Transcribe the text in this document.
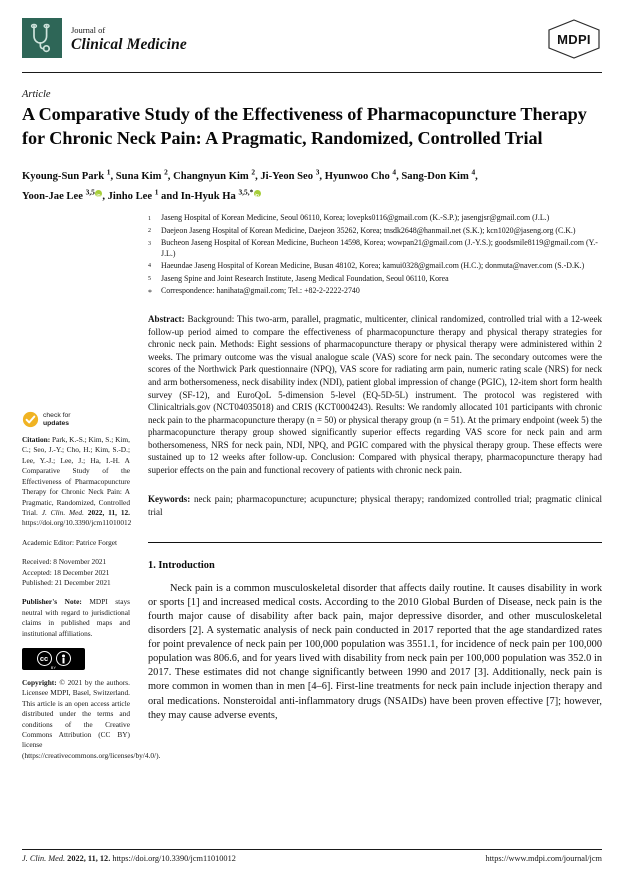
Journal of
Clinical Medicine	MDPI
Article
A Comparative Study of the Effectiveness of Pharmacopuncture Therapy for Chronic Neck Pain: A Pragmatic, Randomized, Controlled Trial
Kyoung-Sun Park $^1$, Suna Kim $^2$, Changnyun Kim $^2$, Ji-Yeon Seo $^3$, Hyunwoo Cho $^4$, Sang-Don Kim $^4$,
Yoon-Jae Lee $^{3,5}$ iD , Jinho Lee $^1$ and In-Hyuk Ha $^{3,5,*}$iD
check for
updates

Citation: Park, K.-S.; Kim, S.; Kim, C.; Seo, J.-Y.; Cho, H.; Kim, S.-D.; Lee, Y.-J.; Lee, J.; Ha, I.-H. A Comparative Study of the Effectiveness of Pharmacopuncture Therapy for Chronic Neck Pain: A Pragmatic, Randomized, Controlled Trial. J. Clin. Med. 2022, 11, 12. https://doi.org/10.3390/jcm11010012

Academic Editor: Patrice Forget

Received: 8 November 2021

Accepted: 18 December 2021

Published: 21 December 2021

Publisher's Note: MDPI stays neutral with regard to jurisdictional claims in published maps and institutional affiliations.

cc
BY

Copyright: © 2021 by the authors. Licensee MDPI, Basel, Switzerland. This article is an open access article distributed under the terms and conditions of the Creative Commons Attribution (CC BY) license (https://creativecommons.org/licenses/by/4.0/).

1	Jaseng Hospital of Korean Medicine, Seoul 06110, Korea; lovepks0116@gmail.com (K.-S.P.); jasengjsr@gmail.com (J.L.)
2	Daejeon Jaseng Hospital of Korean Medicine, Daejeon 35262, Korea; tnsdk2648@hanmail.net (S.K.); kcn1020@jaseng.org (C.K.)
3	Bucheon Jaseng Hospital of Korean Medicine, Bucheon 14598, Korea; wowpan21@gmail.com (J.-Y.S.); goodsmile8119@gmail.com (Y.-J.L.)
4	Haeundae Jaseng Hospital of Korean Medicine, Busan 48102, Korea; kamui0328@gmail.com (H.C.); donmuta@naver.com (S.-D.K.)
5	Jaseng Spine and Joint Research Institute, Jaseng Medical Foundation, Seoul 06110, Korea
*	Correspondence: hanihata@gmail.com; Tel.: +82-2-2222-2740

Abstract: Background: This two-arm, parallel, pragmatic, multicenter, clinical randomized, controlled trial with a 12-week follow-up period aimed to compare the effectiveness of pharmacopuncture therapy and physical therapy strategies for chronic neck pain. Methods: Eight sessions of pharmacopuncture therapy or physical therapy were administered within 2 weeks. The primary outcome was the visual analogue scale (VAS) score for neck pain. The secondary outcomes were the scores of the Northwick Park questionnaire (NPQ), VAS score for radiating arm pain, numeric rating scale (NRS) for neck and arm bothersomeness, neck disability index (NDI), patient global impression of change (PGIC), 12-item short form health survey (SF-12), and EuroQoL 5-dimension 5-level (EQ-5D-5L) instrument. The protocol was registered with Clinicaltrials.gov (NCT04035018) and CRIS (KCT0004243). Results: We randomly allocated 101 participants with chronic neck pain to the pharmacopuncture therapy (n = 50) or physical therapy group (n = 51). At the primary endpoint (week 5) the pharmacopuncture therapy group showed significantly superior effects regarding VAS score for neck pain and arm bothersomeness, NRS for neck pain, NDI, NPQ, and PGIC compared with the physical therapy group. These effects were sustained up to 12 weeks after follow-up. Conclusion: Compared with physical therapy, pharmacopuncture therapy had superior effects on the pain and functional recovery of patients with chronic neck pain.

Keywords: neck pain; pharmacopuncture; acupuncture; physical therapy; randomized controlled trial; pragmatic clinical trial

1. Introduction

Neck pain is a common musculoskeletal disorder that affects daily routine. It causes disability in work or sports [1] and increased medical costs. According to the 2010 Global Burden of Disease, neck pain is the fourth major cause of disability after back pain, major depressive disorder, and other musculoskeletal disorders [2]. A systematic analysis of neck pain conducted in 2017 reported that the age standardized rates for point prevalence of neck pain per 100,000 population was 3551.1, for incidence of neck pain per 100,000 population was 806.6, and for years lived with disability from neck pain per 100,000 population was 352.0 in 2017. These estimates did not change significantly between 1990 and 2017 [3]. Additionally, neck pain is more common in women than in men [4–6]. First-line treatments for neck pain include injection therapy and oral medications. Nonsteroidal anti-inflammatory drugs (NSAIDs) have been proven effective [7]; however, they may cause adverse events,

J. Clin. Med. 2022, 11, 12. https://doi.org/10.3390/jcm11010012	https://www.mdpi.com/journal/jcm
